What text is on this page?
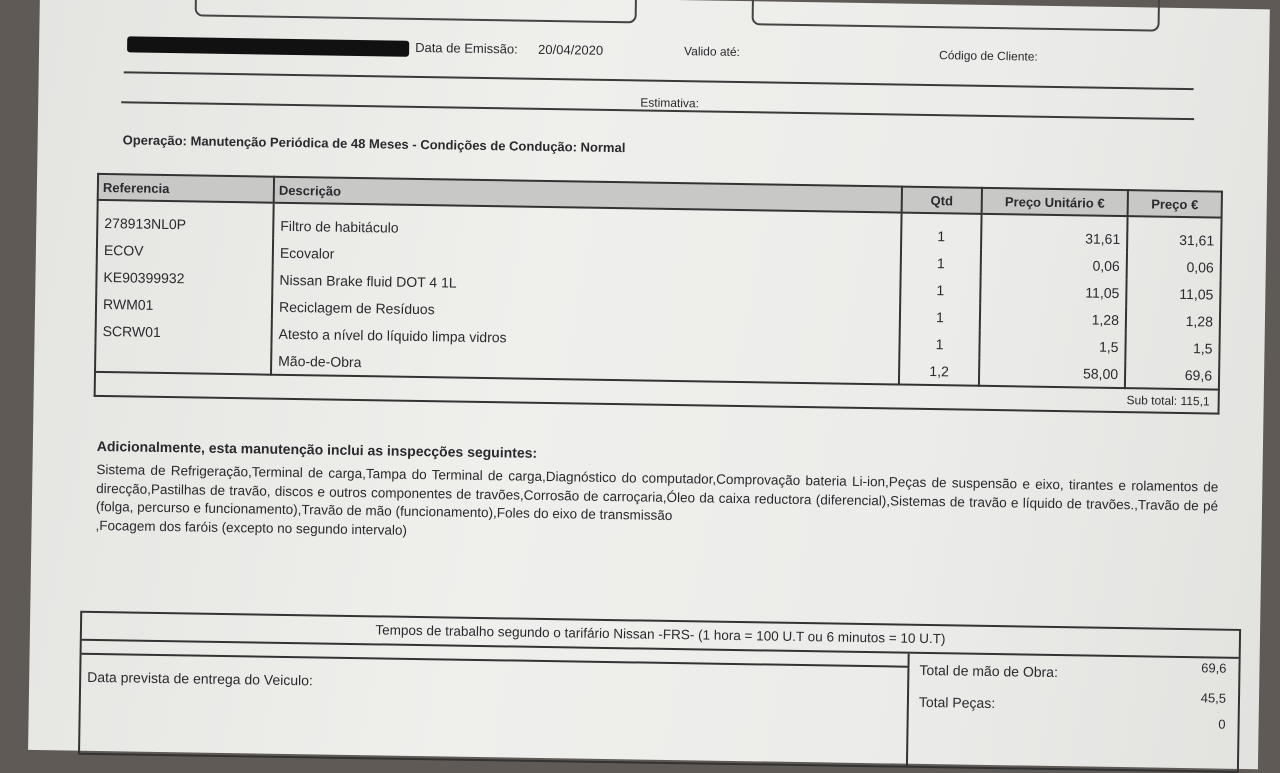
Data de Emissão: 20/04/2020	Valido até:	Código de Cliente:
Estimativa:
Operação: Manutenção Periódica de 48 Meses - Condições de Condução: Normal
Referencia	Descrição	Qtd	Preço Unitário €	Preço €
278913NL0P	Filtro de habitáculo	1	31,61	31,61
ECOV	Ecovalor	1	0,06	0,06
KE90399932	Nissan Brake fluid DOT 4 1L	1	11,05	11,05
RWM01	Reciclagem de Resíduos	1	1,28	1,28
SCRW01	Atesto a nível do líquido limpa vidros	1	1,5	1,5
	Mão-de-Obra	1,2	58,00	69,6
Sub total: 115,1				
Adicionalmente, esta manutenção inclui as inspecções seguintes:
Sistema de Refrigeração,Terminal de carga,Tampa do Terminal de carga,Diagnóstico do computador,Comprovação bateria Li-ion,Peças de suspensão e eixo, tirantes e rolamentos de direcção,Pastilhas de travão, discos e outros componentes de travões,Corrosão de carroçaria,Óleo da caixa reductora (diferencial),Sistemas de travão e líquido de travões.,Travão de pé (folga, percurso e funcionamento),Travão de mão (funcionamento),Foles do eixo de transmissão
,Focagem dos faróis (excepto no segundo intervalo)
Tempos de trabalho segundo o tarifário Nissan -FRS- (1 hora = 100 U.T ou 6 minutos = 10 U.T)
Data prevista de entrega do Veiculo:	Total de mão de Obra:	69,6
Total Peças:	45,5
0
